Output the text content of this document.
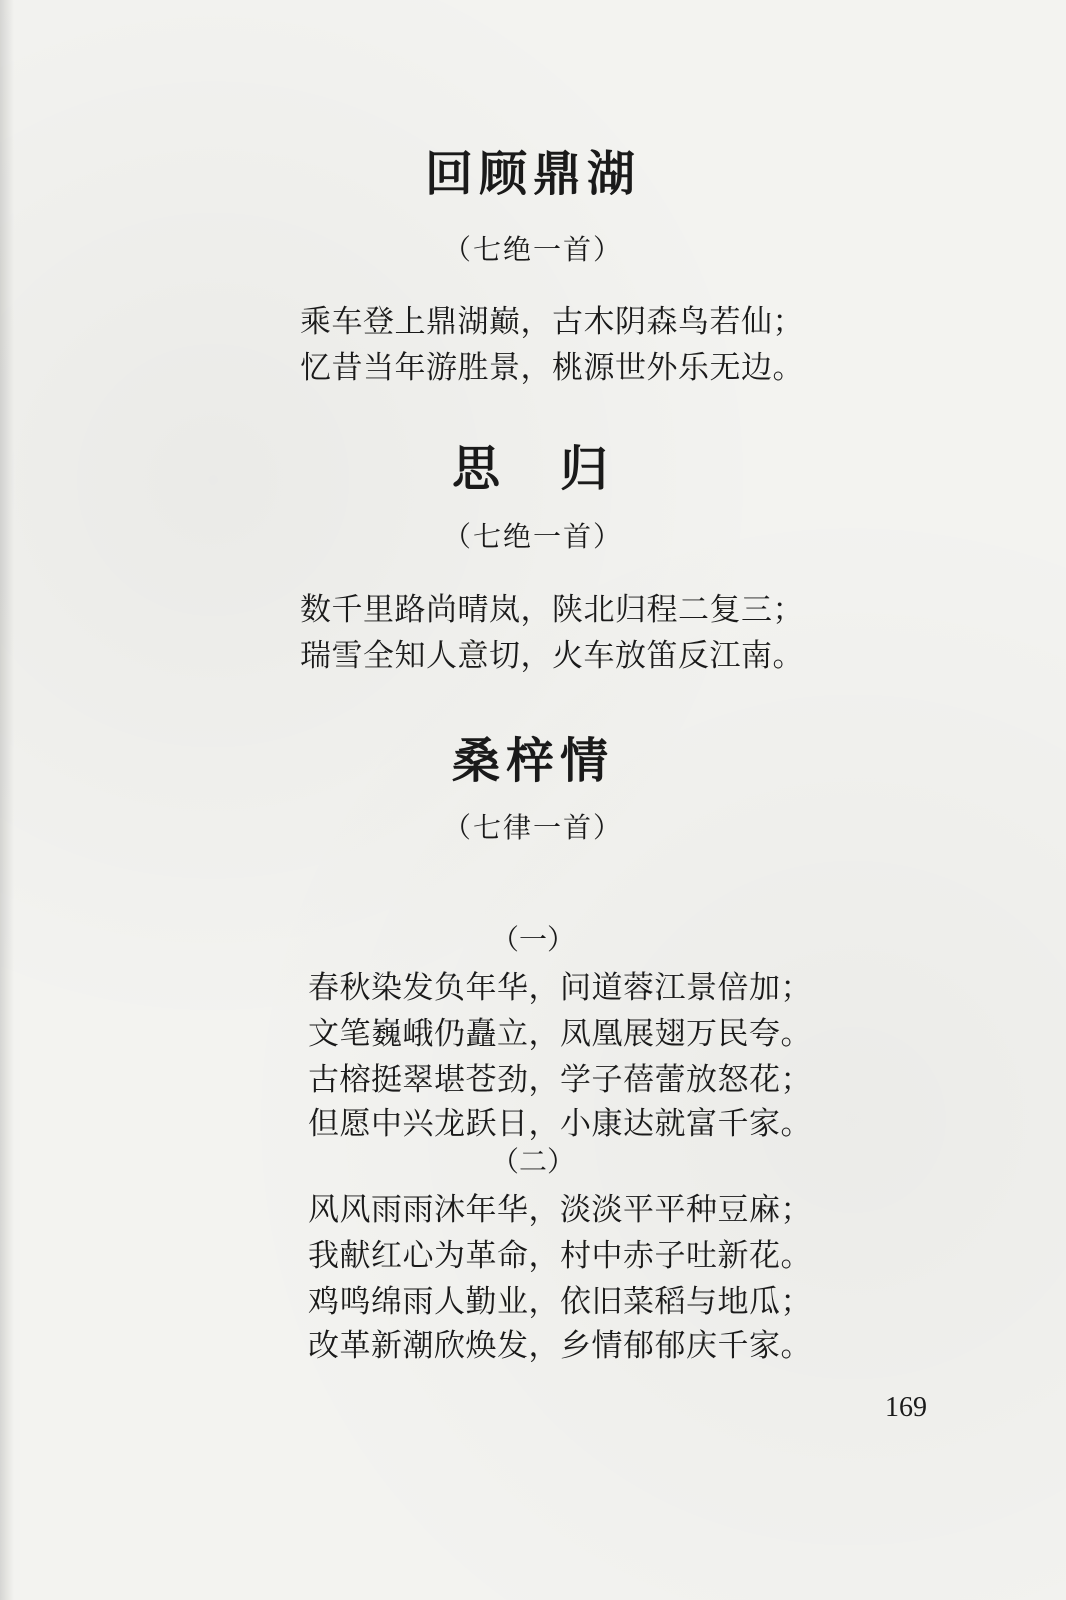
回顾鼎湖
（七绝一首）
乘车登上鼎湖巅，古木阴森鸟若仙；
忆昔当年游胜景，桃源世外乐无边。
思　归
（七绝一首）
数千里路尚晴岚，陕北归程二复三；
瑞雪全知人意切，火车放笛反江南。
桑梓情
（七律一首）
（一）
春秋染发负年华，问道蓉江景倍加；
文笔巍峨仍矗立，凤凰展翅万民夸。
古榕挺翠堪苍劲，学子蓓蕾放怒花；
但愿中兴龙跃日，小康达就富千家。
（二）
风风雨雨沐年华，淡淡平平种豆麻；
我献红心为革命，村中赤子吐新花。
鸡鸣绵雨人勤业，依旧菜稻与地瓜；
改革新潮欣焕发，乡情郁郁庆千家。
169
